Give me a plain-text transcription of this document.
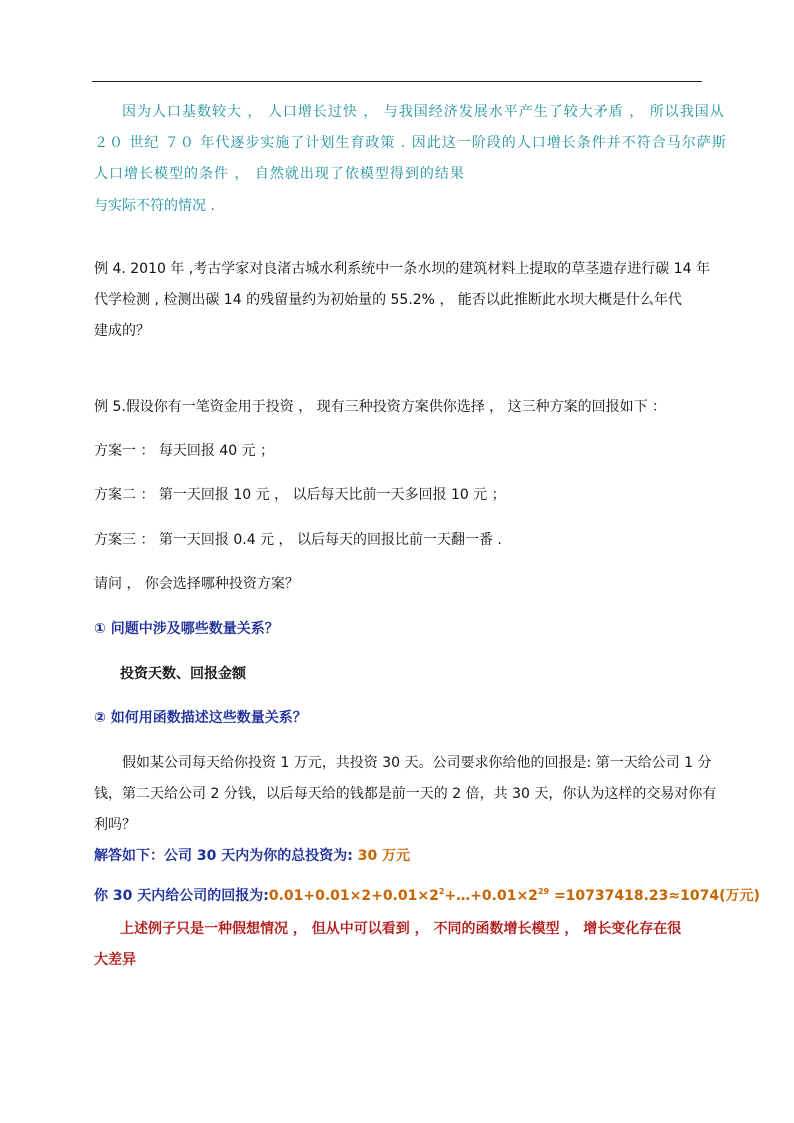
因为人口基数较大 ， 人口增长过快 ， 与我国经济发展水平产生了较大矛盾 ， 所以我国从
２０ 世纪 ７０ 年代逐步实施了计划生育政策 . 因此这一阶段的人口增长条件并不符合马尔萨斯
人口增长模型的条件 ， 自然就出现了依模型得到的结果
与实际不符的情况 .
例 4. 2010 年 ,考古学家对良渚古城水利系统中一条水坝的建筑材料上提取的草茎遗存进行碳 14 年
代学检测 , 检测出碳 14 的残留量约为初始量的 55.2% ， 能否以此推断此水坝大概是什么年代
建成的？
例 5.假设你有一笔资金用于投资 ， 现有三种投资方案供你选择 ， 这三种方案的回报如下 ：
方案一 ： 每天回报 40 元 ；
方案二 ： 第一天回报 10 元 ， 以后每天比前一天多回报 10 元 ；
方案三 ： 第一天回报 0.4 元 ， 以后每天的回报比前一天翻一番 .
请问 ， 你会选择哪种投资方案？
① 问题中涉及哪些数量关系？
投资天数、回报金额
② 如何用函数描述这些数量关系？
假如某公司每天给你投资 1 万元，共投资 30 天。公司要求你给他的回报是: 第一天给公司 1 分
钱，第二天给公司 2 分钱，以后每天给的钱都是前一天的 2 倍，共 30 天，你认为这样的交易对你有
利吗？
解答如下：公司 30 天内为你的总投资为: 30 万元
你 30 天内给公司的回报为$:0.01+0.01\times 2+0.01\times 2^2+\dots+0.01\times 2^{29} =10737418.23\approx 1074$(万元)
上述例子只是一种假想情况 ， 但从中可以看到 ， 不同的函数增长模型 ， 增长变化存在很
大差异
